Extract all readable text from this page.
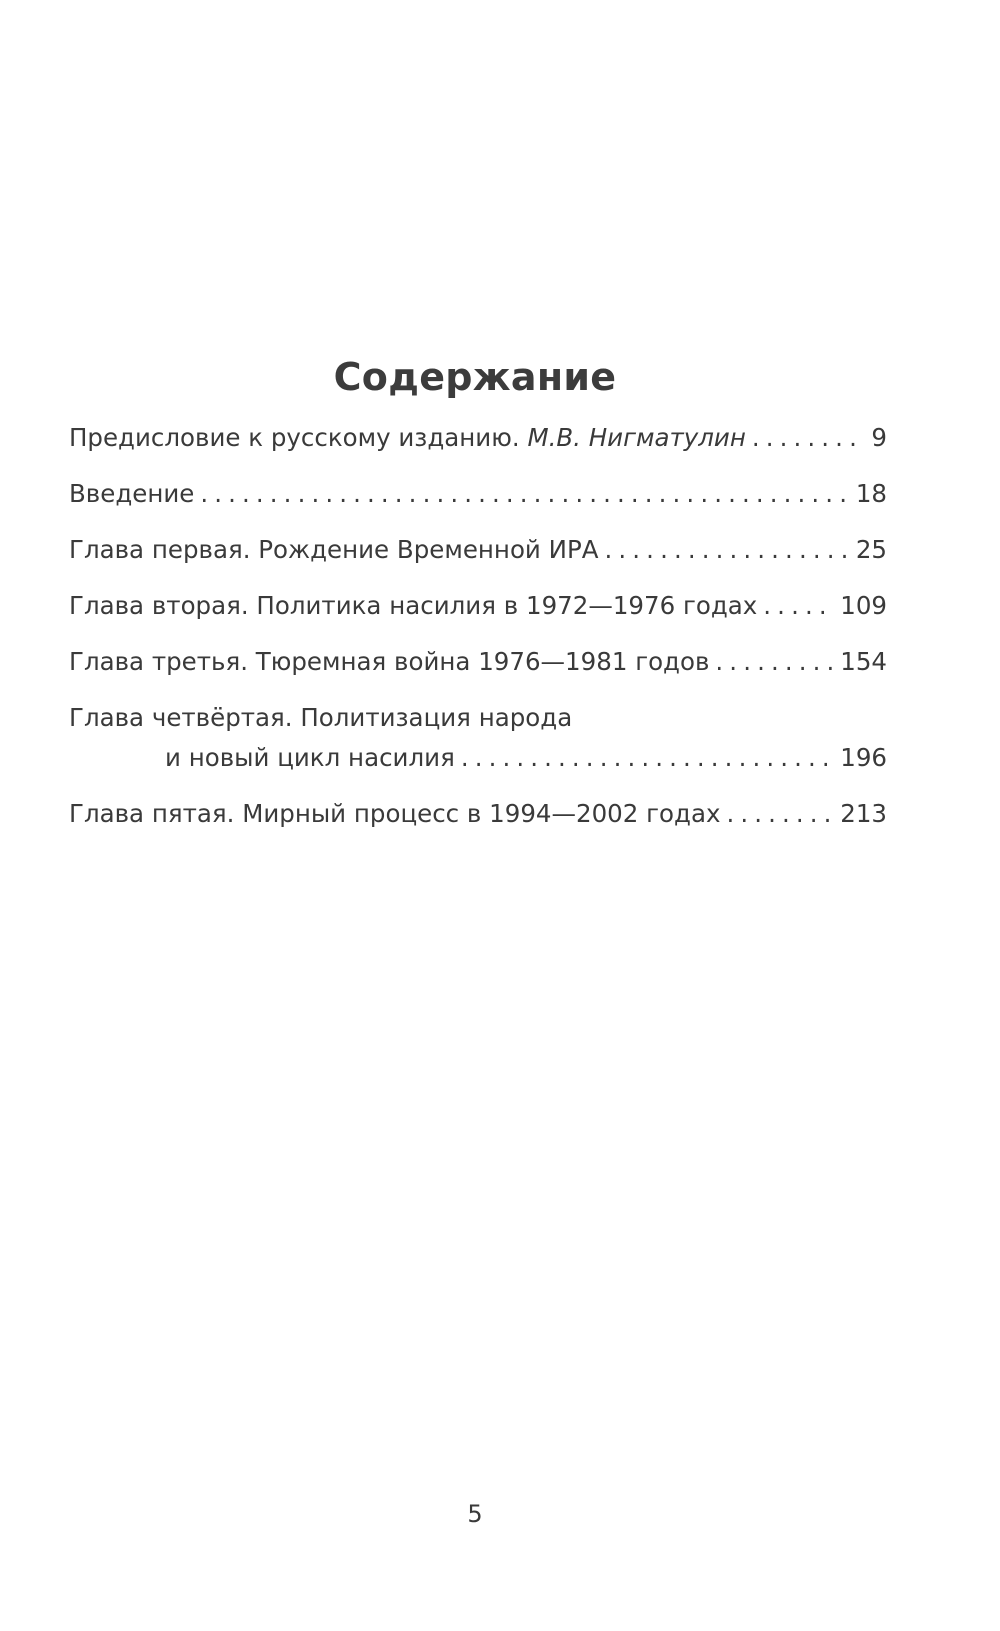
Содержание
Предисловие к русскому изданию. М.В. Нигматулин .....	9
Введение .....	18
Глава первая. Рождение Временной ИРА .....	25
Глава вторая. Политика насилия в 1972—1976 годах .....	109
Глава третья. Тюремная война 1976—1981 годов .....	154
Глава четвёртая. Политизация народа
и новый цикл насилия .....	196
Глава пятая. Мирный процесс в 1994—2002 годах .....	213
5
